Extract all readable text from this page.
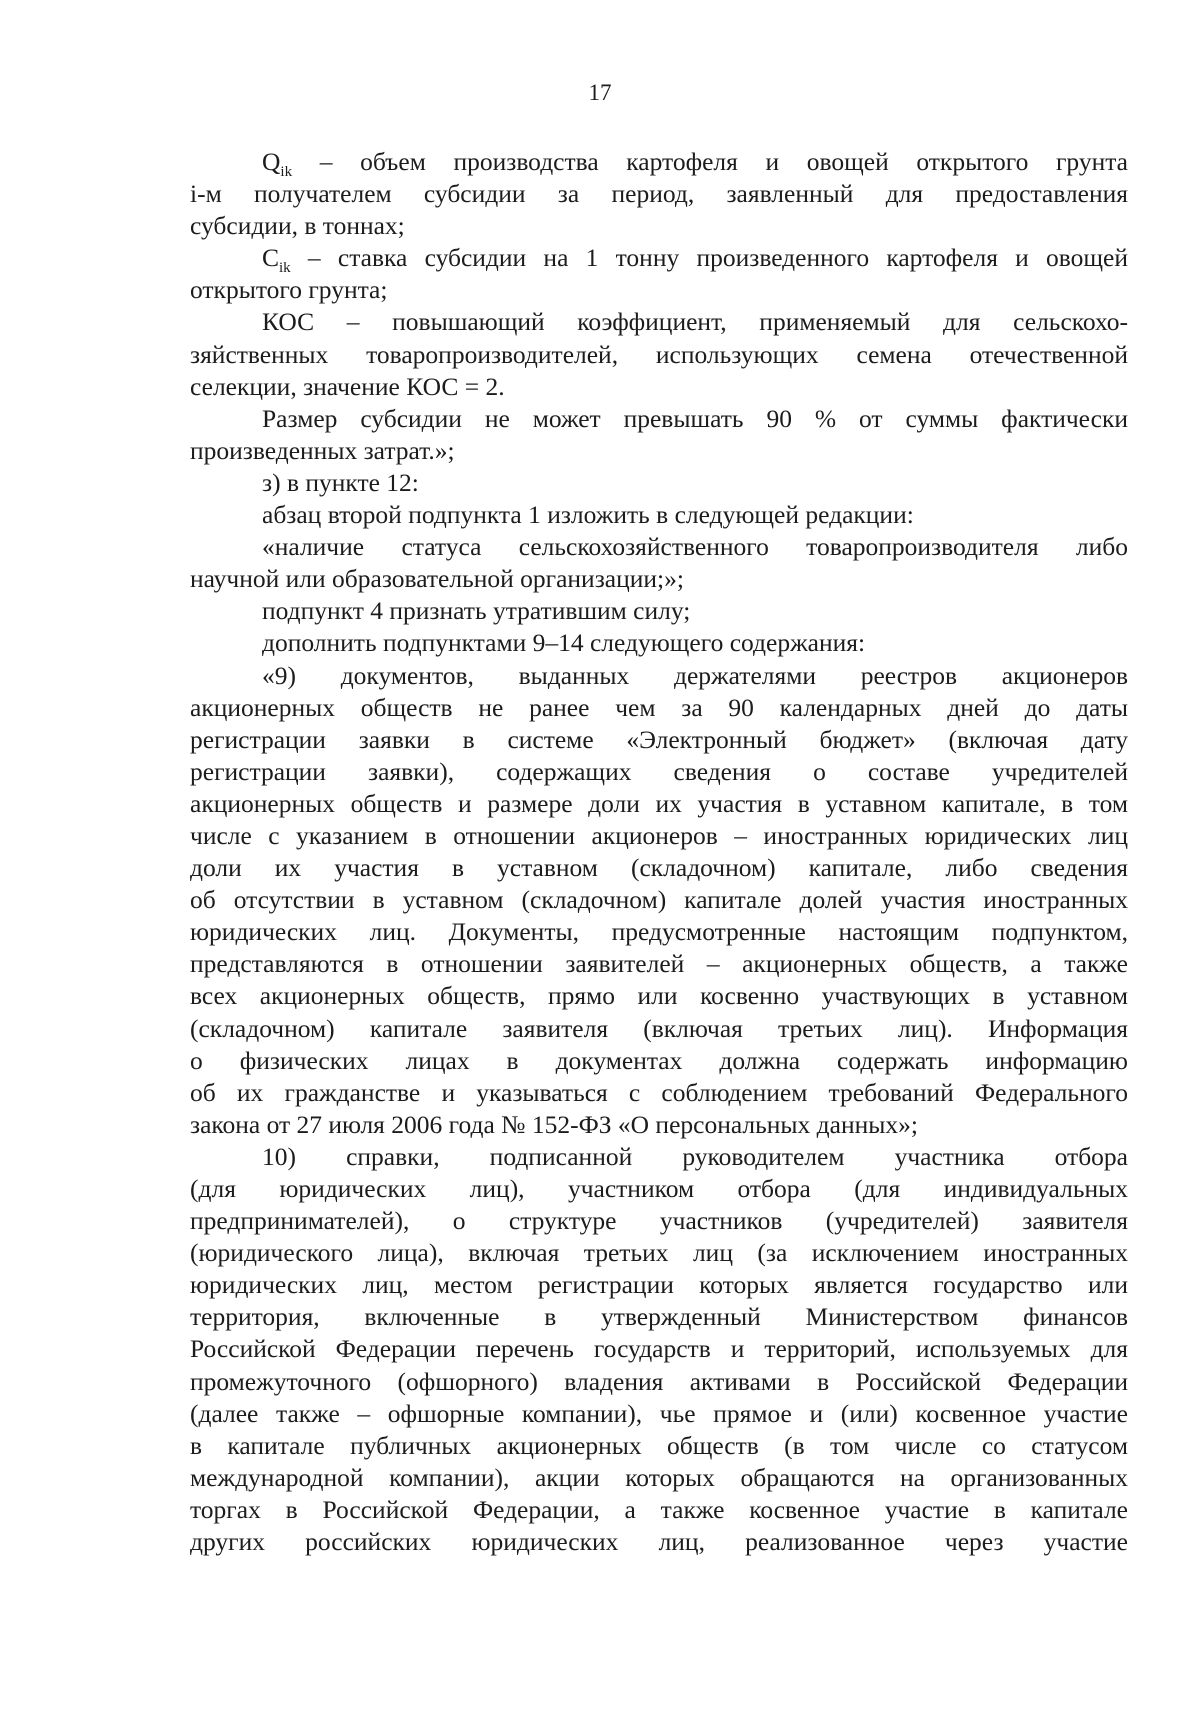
17
$Q_{ik}$ – объем производства картофеля и овощей открытого грунта
i-м получателем субсидии за период, заявленный для предоставления
субсидии, в тоннах;
$C_{ik}$ – ставка субсидии на 1 тонну произведенного картофеля и овощей
открытого грунта;
КОС – повышающий коэффициент, применяемый для сельскохо-
зяйственных товаропроизводителей, использующих семена отечественной
селекции, значение КОС = 2.
Размер субсидии не может превышать 90 % от суммы фактически
произведенных затрат.»;
з) в пункте 12:
абзац второй подпункта 1 изложить в следующей редакции:
«наличие статуса сельскохозяйственного товаропроизводителя либо
научной или образовательной организации;»;
подпункт 4 признать утратившим силу;
дополнить подпунктами 9–14 следующего содержания:
«9) документов, выданных держателями реестров акционеров
акционерных обществ не ранее чем за 90 календарных дней до даты
регистрации заявки в системе «Электронный бюджет» (включая дату
регистрации заявки), содержащих сведения о составе учредителей
акционерных обществ и размере доли их участия в уставном капитале, в том
числе с указанием в отношении акционеров – иностранных юридических лиц
доли их участия в уставном (складочном) капитале, либо сведения
об отсутствии в уставном (складочном) капитале долей участия иностранных
юридических лиц. Документы, предусмотренные настоящим подпунктом,
представляются в отношении заявителей – акционерных обществ, а также
всех акционерных обществ, прямо или косвенно участвующих в уставном
(складочном) капитале заявителя (включая третьих лиц). Информация
о физических лицах в документах должна содержать информацию
об их гражданстве и указываться с соблюдением требований Федерального
закона от 27 июля 2006 года № 152-ФЗ «О персональных данных»;
10) справки, подписанной руководителем участника отбора
(для юридических лиц), участником отбора (для индивидуальных
предпринимателей), о структуре участников (учредителей) заявителя
(юридического лица), включая третьих лиц (за исключением иностранных
юридических лиц, местом регистрации которых является государство или
территория, включенные в утвержденный Министерством финансов
Российской Федерации перечень государств и территорий, используемых для
промежуточного (офшорного) владения активами в Российской Федерации
(далее также – офшорные компании), чье прямое и (или) косвенное участие
в капитале публичных акционерных обществ (в том числе со статусом
международной компании), акции которых обращаются на организованных
торгах в Российской Федерации, а также косвенное участие в капитале
других российских юридических лиц, реализованное через участие
